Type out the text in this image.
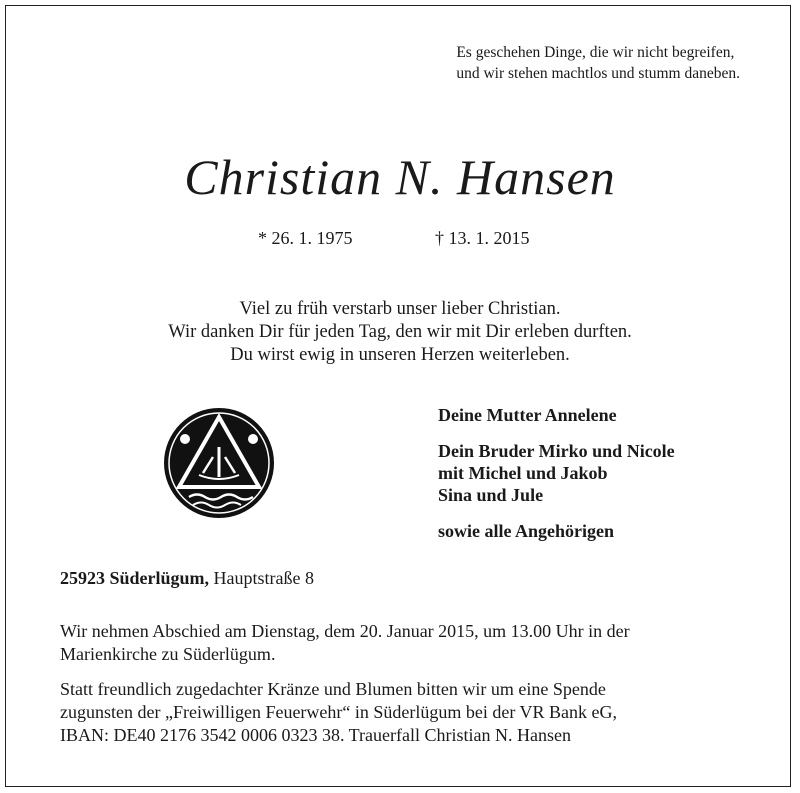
Es geschehen Dinge, die wir nicht begreifen,
und wir stehen machtlos und stumm daneben.
Christian N. Hansen
* 26. 1. 1975	† 13. 1. 2015
Viel zu früh verstarb unser lieber Christian.
Wir danken Dir für jeden Tag, den wir mit Dir erleben durften.
Du wirst ewig in unseren Herzen weiterleben.
Deine Mutter Annelene
Dein Bruder Mirko und Nicole
mit Michel und Jakob
Sina und Jule
sowie alle Angehörigen
25923 Süderlügum, Hauptstraße 8
Wir nehmen Abschied am Dienstag, dem 20. Januar 2015, um 13.00 Uhr in der
Marienkirche zu Süderlügum.
Statt freundlich zugedachter Kränze und Blumen bitten wir um eine Spende
zugunsten der „Freiwilligen Feuerwehr“ in Süderlügum bei der VR Bank eG,
IBAN: DE40 2176 3542 0006 0323 38. Trauerfall Christian N. Hansen
